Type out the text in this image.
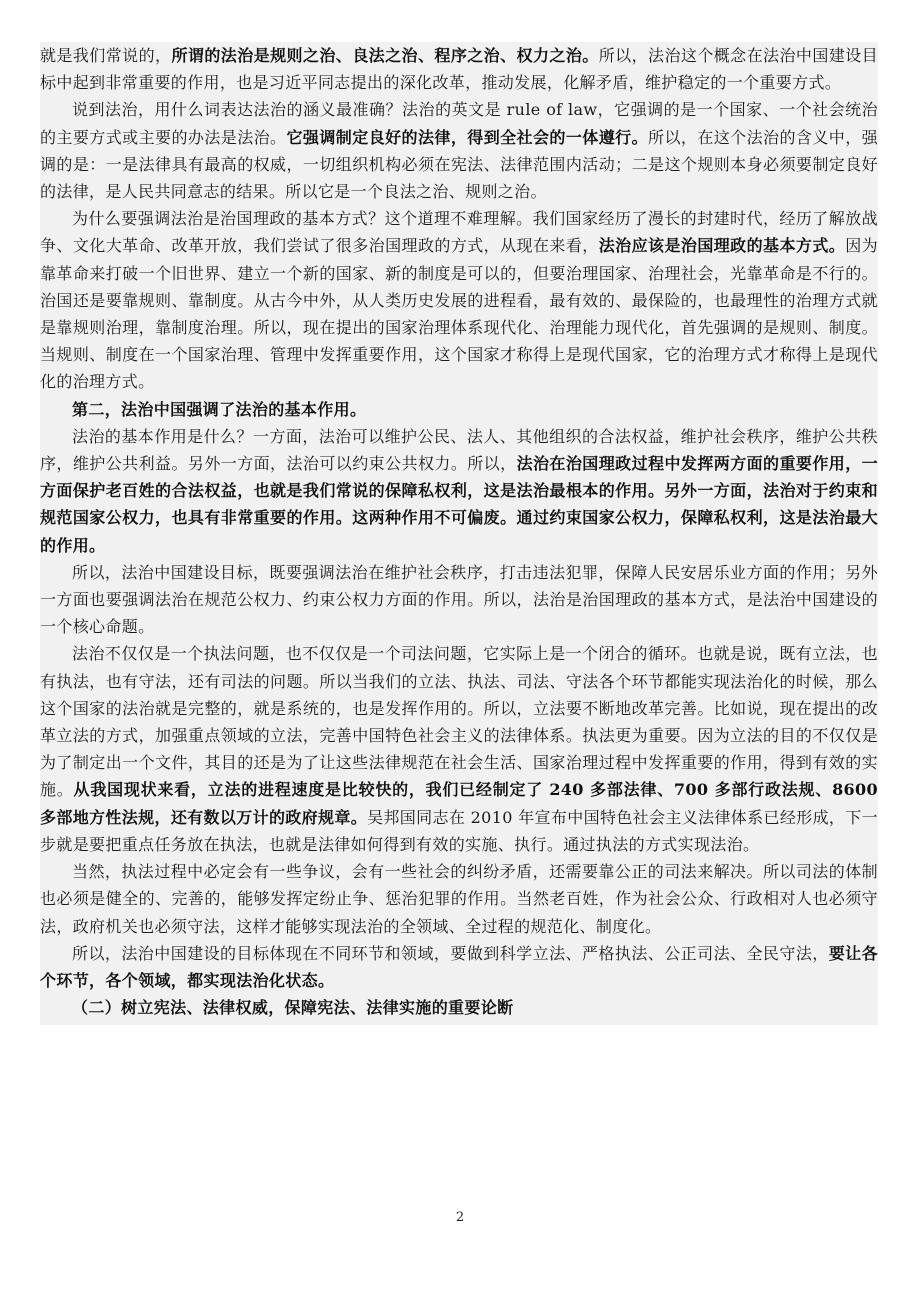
就是我们常说的，所谓的法治是规则之治、良法之治、程序之治、权力之治。所以，法治这个概念在法治中国建设目标中起到非常重要的作用，也是习近平同志提出的深化改革，推动发展，化解矛盾，维护稳定的一个重要方式。

说到法治，用什么词表达法治的涵义最准确？法治的英文是 rule of law，它强调的是一个国家、一个社会统治的主要方式或主要的办法是法治。它强调制定良好的法律，得到全社会的一体遵行。所以，在这个法治的含义中，强调的是：一是法律具有最高的权威，一切组织机构必须在宪法、法律范围内活动；二是这个规则本身必须要制定良好的法律，是人民共同意志的结果。所以它是一个良法之治、规则之治。

为什么要强调法治是治国理政的基本方式？这个道理不难理解。我们国家经历了漫长的封建时代，经历了解放战争、文化大革命、改革开放，我们尝试了很多治国理政的方式，从现在来看，法治应该是治国理政的基本方式。因为靠革命来打破一个旧世界、建立一个新的国家、新的制度是可以的，但要治理国家、治理社会，光靠革命是不行的。治国还是要靠规则、靠制度。从古今中外，从人类历史发展的进程看，最有效的、最保险的，也最理性的治理方式就是靠规则治理，靠制度治理。所以，现在提出的国家治理体系现代化、治理能力现代化，首先强调的是规则、制度。当规则、制度在一个国家治理、管理中发挥重要作用，这个国家才称得上是现代国家，它的治理方式才称得上是现代化的治理方式。

第二，法治中国强调了法治的基本作用。

法治的基本作用是什么？一方面，法治可以维护公民、法人、其他组织的合法权益，维护社会秩序，维护公共秩序，维护公共利益。另外一方面，法治可以约束公共权力。所以，法治在治国理政过程中发挥两方面的重要作用，一方面保护老百姓的合法权益，也就是我们常说的保障私权利，这是法治最根本的作用。另外一方面，法治对于约束和规范国家公权力，也具有非常重要的作用。这两种作用不可偏废。通过约束国家公权力，保障私权利，这是法治最大的作用。

所以，法治中国建设目标，既要强调法治在维护社会秩序，打击违法犯罪，保障人民安居乐业方面的作用；另外一方面也要强调法治在规范公权力、约束公权力方面的作用。所以，法治是治国理政的基本方式，是法治中国建设的一个核心命题。

法治不仅仅是一个执法问题，也不仅仅是一个司法问题，它实际上是一个闭合的循环。也就是说，既有立法，也有执法，也有守法，还有司法的问题。所以当我们的立法、执法、司法、守法各个环节都能实现法治化的时候，那么这个国家的法治就是完整的，就是系统的，也是发挥作用的。所以，立法要不断地改革完善。比如说，现在提出的改革立法的方式，加强重点领域的立法，完善中国特色社会主义的法律体系。执法更为重要。因为立法的目的不仅仅是为了制定出一个文件，其目的还是为了让这些法律规范在社会生活、国家治理过程中发挥重要的作用，得到有效的实施。从我国现状来看，立法的进程速度是比较快的，我们已经制定了 240 多部法律、700 多部行政法规、8600 多部地方性法规，还有数以万计的政府规章。吴邦国同志在 2010 年宣布中国特色社会主义法律体系已经形成，下一步就是要把重点任务放在执法，也就是法律如何得到有效的实施、执行。通过执法的方式实现法治。

当然，执法过程中必定会有一些争议，会有一些社会的纠纷矛盾，还需要靠公正的司法来解决。所以司法的体制也必须是健全的、完善的，能够发挥定纷止争、惩治犯罪的作用。当然老百姓，作为社会公众、行政相对人也必须守法，政府机关也必须守法，这样才能够实现法治的全领域、全过程的规范化、制度化。

所以，法治中国建设的目标体现在不同环节和领域，要做到科学立法、严格执法、公正司法、全民守法，要让各个环节，各个领域，都实现法治化状态。

（二）树立宪法、法律权威，保障宪法、法律实施的重要论断

2
